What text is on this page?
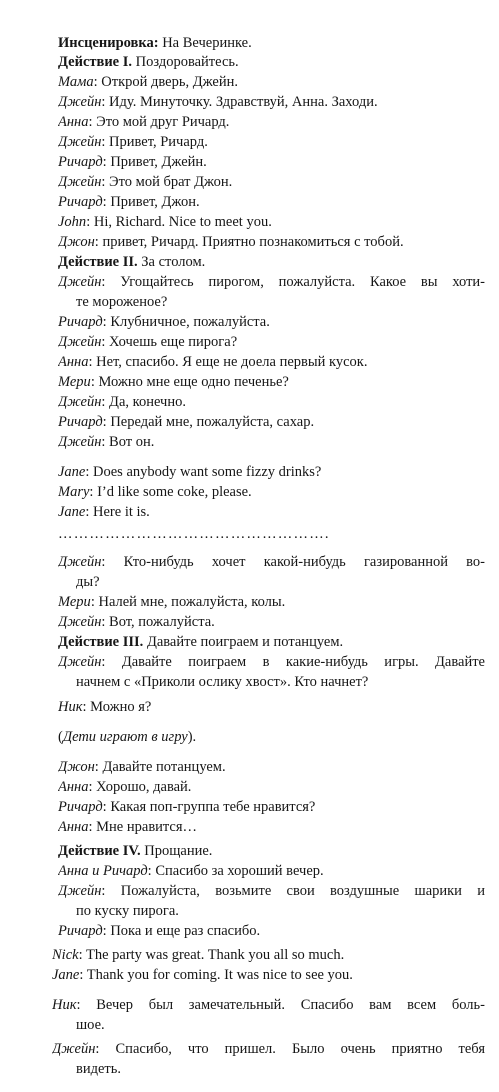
Инсценировка: На Вечеринке.
Действие I. Поздоровайтесь.
Мама: Открой дверь, Джейн.
Джейн: Иду. Минуточку. Здравствуй, Анна. Заходи.
Анна: Это мой друг Ричард.
Джейн: Привет, Ричард.
Ричард: Привет, Джейн.
Джейн: Это мой брат Джон.
Ричард: Привет, Джон.
John: Hi, Richard. Nice to meet you.
Джон: привет, Ричард. Приятно познакомиться с тобой.
Действие II. За столом.
Джейн: Угощайтесь пирогом, пожалуйста. Какое вы хоти-
те мороженое?
Ричард: Клубничное, пожалуйста.
Джейн: Хочешь еще пирога?
Анна: Нет, спасибо. Я еще не доела первый кусок.
Мери: Можно мне еще одно печенье?
Джейн: Да, конечно.
Ричард: Передай мне, пожалуйста, сахар.
Джейн: Вот он.
Jane: Does anybody want some fizzy drinks?
Mary: I’d like some coke, please.
Jane: Here it is.
…………………………………………….
Джейн: Кто-нибудь хочет какой-нибудь газированной во-
ды?
Мери: Налей мне, пожалуйста, колы.
Джейн: Вот, пожалуйста.
Действие III. Давайте поиграем и потанцуем.
Джейн: Давайте поиграем в какие-нибудь игры. Давайте
начнем с «Приколи ослику хвост». Кто начнет?
Ник: Можно я?
(Дети играют в игру).
Джон: Давайте потанцуем.
Анна: Хорошо, давай.
Ричард: Какая поп-группа тебе нравится?
Анна: Мне нравится…
Действие IV. Прощание.
Анна и Ричард: Спасибо за хороший вечер.
Джейн: Пожалуйста, возьмите свои воздушные шарики и
по куску пирога.
Ричард: Пока и еще раз спасибо.
Nick: The party was great. Thank you all so much.
Jane: Thank you for coming. It was nice to see you.
Ник: Вечер был замечательный. Спасибо вам всем боль-
шое.
Джейн: Спасибо, что пришел. Было очень приятно тебя
видеть.
